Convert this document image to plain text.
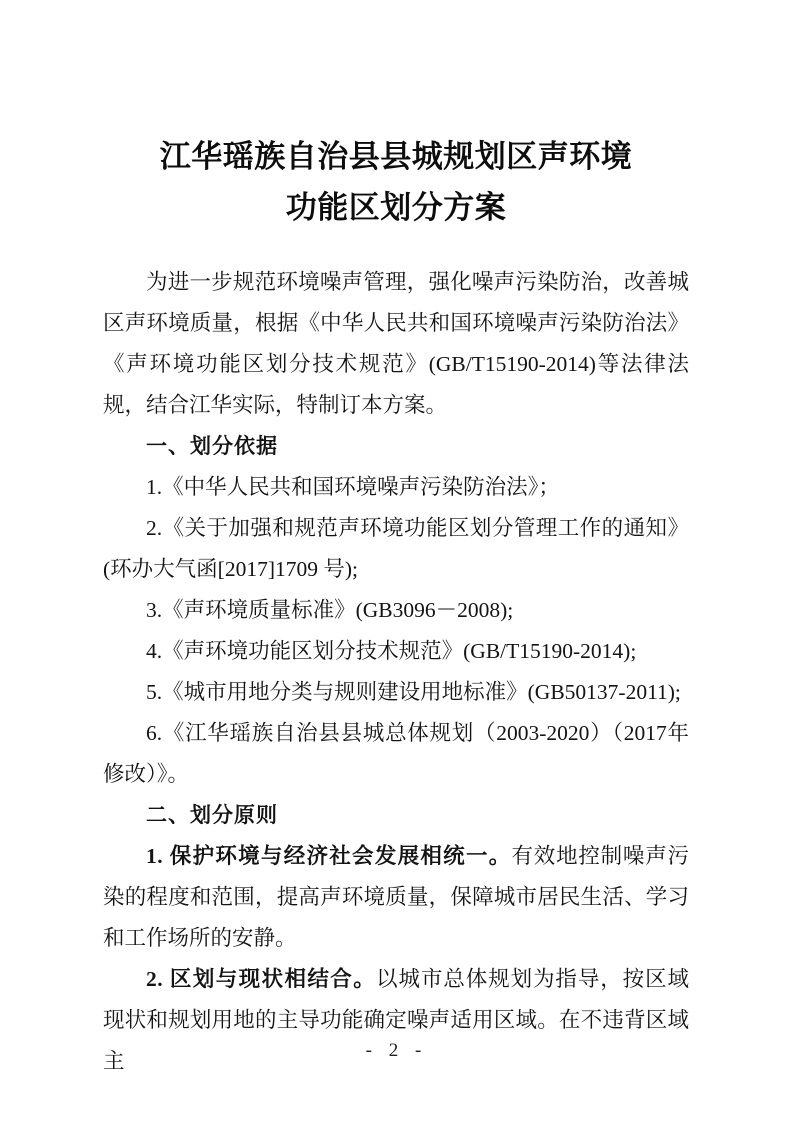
江华瑶族自治县县城规划区声环境
功能区划分方案

为进一步规范环境噪声管理，强化噪声污染防治，改善城区声环境质量，根据《中华人民共和国环境噪声污染防治法》《声环境功能区划分技术规范》(GB/T15190-2014)等法律法规，结合江华实际，特制订本方案。

一、划分依据

1.《中华人民共和国环境噪声污染防治法》；

2.《关于加强和规范声环境功能区划分管理工作的通知》(环办大气函[2017]1709 号);

3.《声环境质量标准》(GB3096－2008);

4.《声环境功能区划分技术规范》(GB/T15190-2014);

5.《城市用地分类与规则建设用地标准》(GB50137-2011);

6.《江华瑶族自治县县城总体规划（2003-2020）（2017年修改）》。

二、划分原则

1. 保护环境与经济社会发展相统一。有效地控制噪声污染的程度和范围，提高声环境质量，保障城市居民生活、学习和工作场所的安静。

2. 区划与现状相结合。以城市总体规划为指导，按区域现状和规划用地的主导功能确定噪声适用区域。在不违背区域主	- 2 -
